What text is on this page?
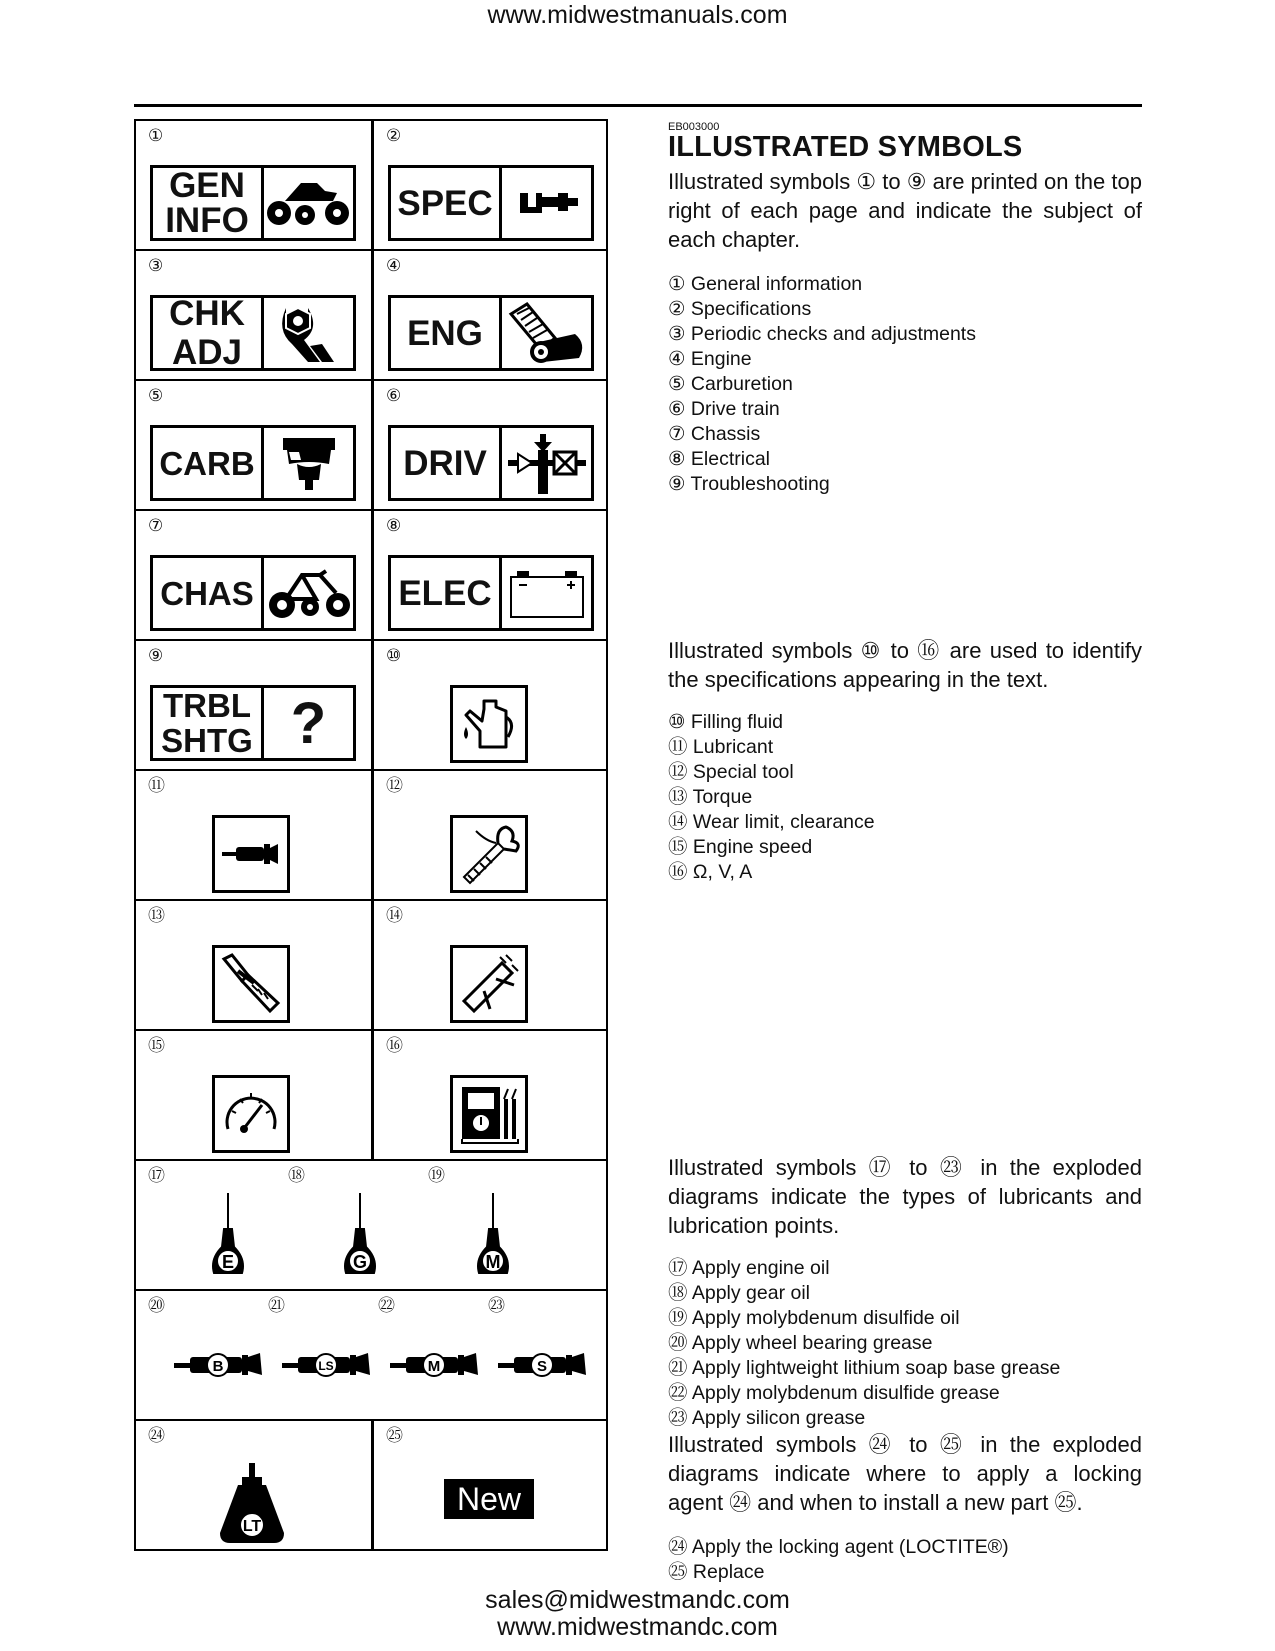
www.midwestmanuals.com
①
GEN
INFO
②
SPEC
③
CHK
ADJ
④
ENG
⑤
CARB
⑥
DRIV
⑦
CHAS
⑧
ELEC
⑨
TRBL
SHTG ?
⑩
⑪	⑫
⑬	⑭
⑮	⑯
⑰	⑱	⑲
E	G	M
⑳	㉑	㉒	㉓
B	LS	M	S
㉔
LT
㉕
New
EB003000
ILLUSTRATED SYMBOLS
Illustrated symbols ① to ⑨ are printed on the top right of each page and indicate the subject of each chapter.
① General information
② Specifications
③ Periodic checks and adjustments
④ Engine
⑤ Carburetion
⑥ Drive train
⑦ Chassis
⑧ Electrical
⑨ Troubleshooting
Illustrated symbols ⑩ to ⑯ are used to identify the specifications appearing in the text.
⑩ Filling fluid
⑪ Lubricant
⑫ Special tool
⑬ Torque
⑭ Wear limit, clearance
⑮ Engine speed
⑯ Ω, V, A
Illustrated symbols ⑰ to ㉓ in the exploded diagrams indicate the types of lubricants and lubrication points.
⑰ Apply engine oil
⑱ Apply gear oil
⑲ Apply molybdenum disulfide oil
⑳ Apply wheel bearing grease
㉑ Apply lightweight lithium soap base grease
㉒ Apply molybdenum disulfide grease
㉓ Apply silicon grease
Illustrated symbols ㉔ to ㉕ in the exploded diagrams indicate where to apply a locking agent ㉔ and when to install a new part ㉕.
㉔ Apply the locking agent (LOCTITE®)
㉕ Replace
sales@midwestmandc.com
www.midwestmandc.com
